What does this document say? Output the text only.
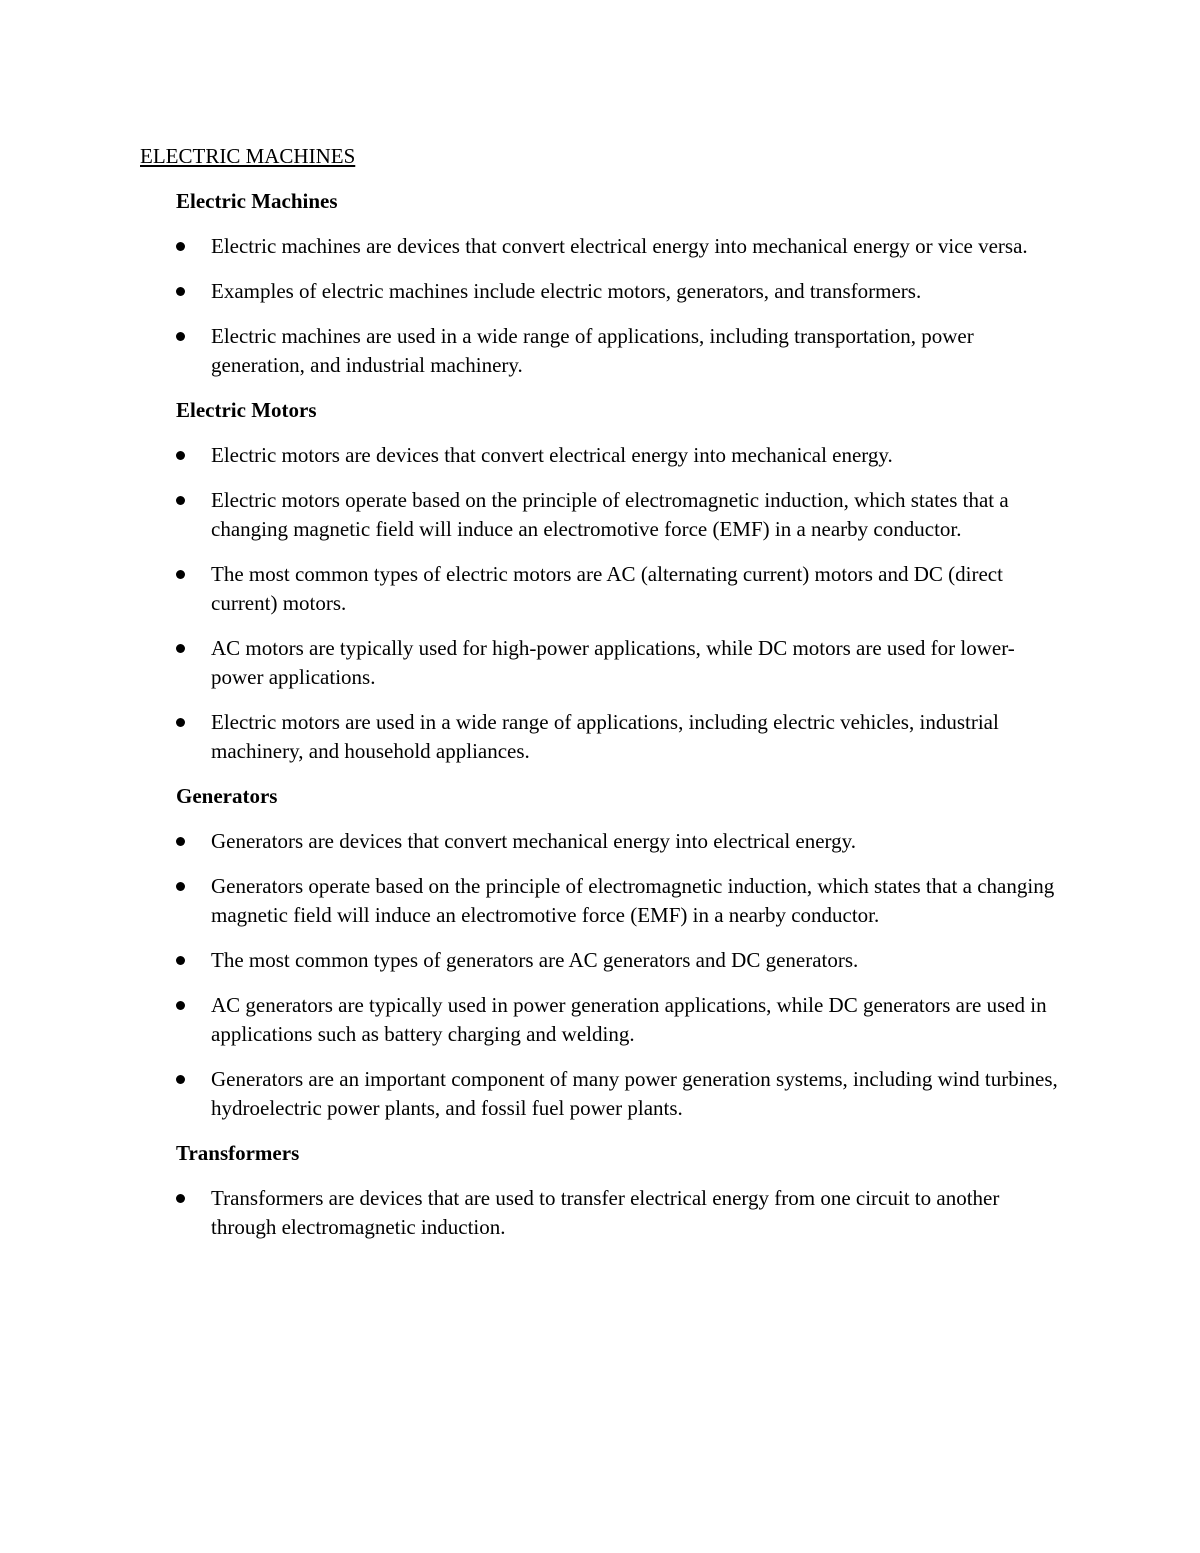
ELECTRIC MACHINES
Electric Machines
Electric machines are devices that convert electrical energy into mechanical energy or vice versa.
Examples of electric machines include electric motors, generators, and transformers.
Electric machines are used in a wide range of applications, including transportation, power generation, and industrial machinery.
Electric Motors
Electric motors are devices that convert electrical energy into mechanical energy.
Electric motors operate based on the principle of electromagnetic induction, which states that a changing magnetic field will induce an electromotive force (EMF) in a nearby conductor.
The most common types of electric motors are AC (alternating current) motors and DC (direct current) motors.
AC motors are typically used for high-power applications, while DC motors are used for lower-power applications.
Electric motors are used in a wide range of applications, including electric vehicles, industrial machinery, and household appliances.
Generators
Generators are devices that convert mechanical energy into electrical energy.
Generators operate based on the principle of electromagnetic induction, which states that a changing magnetic field will induce an electromotive force (EMF) in a nearby conductor.
The most common types of generators are AC generators and DC generators.
AC generators are typically used in power generation applications, while DC generators are used in applications such as battery charging and welding.
Generators are an important component of many power generation systems, including wind turbines, hydroelectric power plants, and fossil fuel power plants.
Transformers
Transformers are devices that are used to transfer electrical energy from one circuit to another through electromagnetic induction.
